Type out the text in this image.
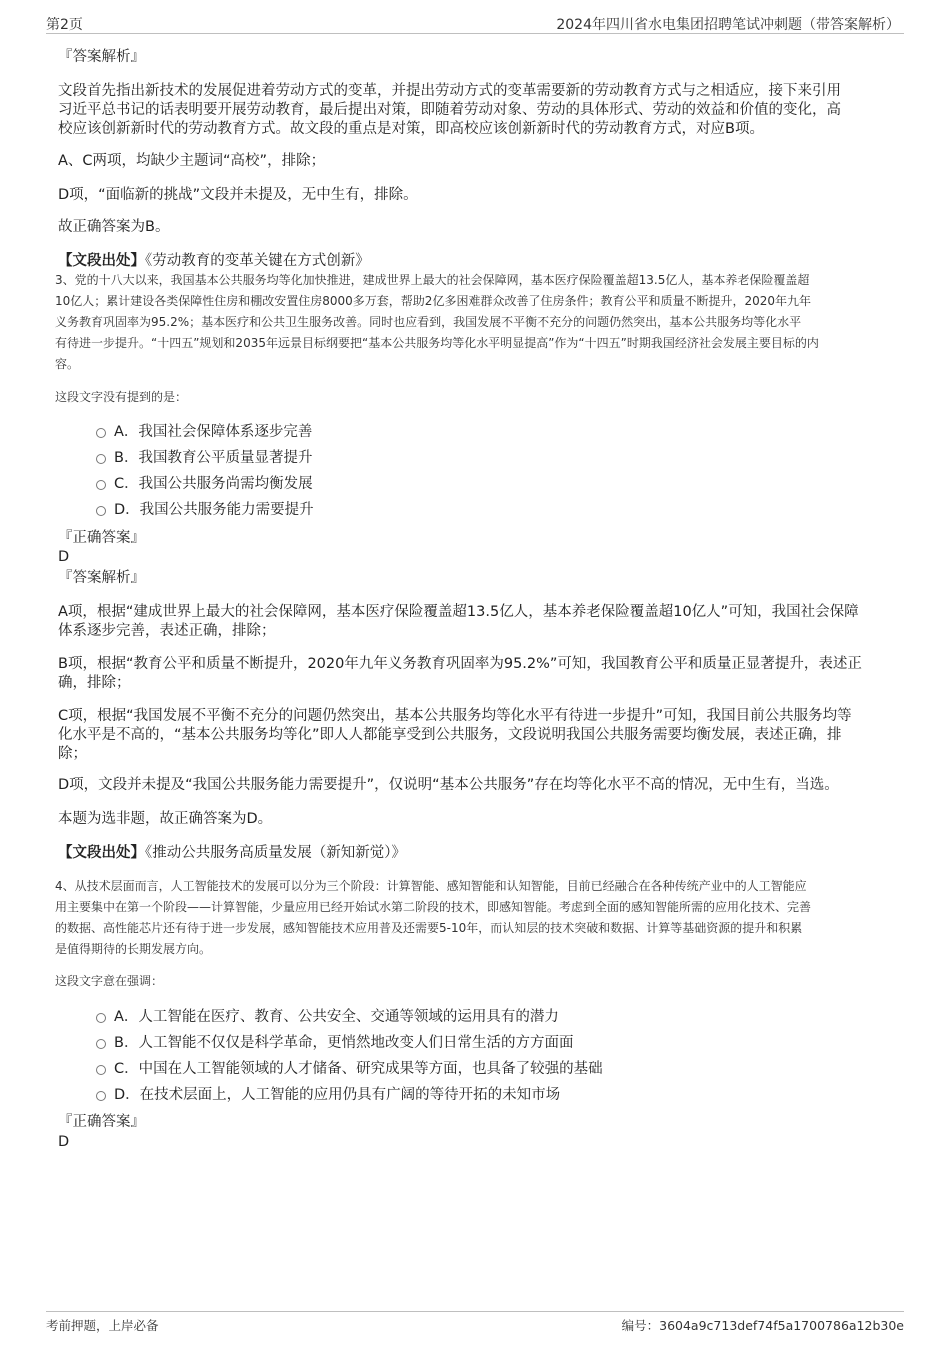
第2页	2024年四川省水电集团招聘笔试冲刺题（带答案解析）
『答案解析』
文段首先指出新技术的发展促进着劳动方式的变革，并提出劳动方式的变革需要新的劳动教育方式与之相适应，接下来引用
习近平总书记的话表明要开展劳动教育，最后提出对策，即随着劳动对象、劳动的具体形式、劳动的效益和价值的变化，高
校应该创新新时代的劳动教育方式。故文段的重点是对策，即高校应该创新新时代的劳动教育方式，对应B项。
A、C两项，均缺少主题词“高校”，排除；
D项，“面临新的挑战”文段并未提及，无中生有，排除。
故正确答案为B。
【文段出处】《劳动教育的变革关键在方式创新》
3、党的十八大以来，我国基本公共服务均等化加快推进，建成世界上最大的社会保障网，基本医疗保险覆盖超13.5亿人，基本养老保险覆盖超
10亿人；累计建设各类保障性住房和棚改安置住房8000多万套，帮助2亿多困难群众改善了住房条件；教育公平和质量不断提升，2020年九年
义务教育巩固率为95.2%；基本医疗和公共卫生服务改善。同时也应看到，我国发展不平衡不充分的问题仍然突出，基本公共服务均等化水平
有待进一步提升。“十四五”规划和2035年远景目标纲要把“基本公共服务均等化水平明显提高”作为“十四五”时期我国经济社会发展主要目标的内
容。
这段文字没有提到的是：
A．我国社会保障体系逐步完善
B．我国教育公平质量显著提升
C．我国公共服务尚需均衡发展
D．我国公共服务能力需要提升
『正确答案』
D
『答案解析』
A项，根据“建成世界上最大的社会保障网，基本医疗保险覆盖超13.5亿人，基本养老保险覆盖超10亿人”可知，我国社会保障
体系逐步完善，表述正确，排除；
B项，根据“教育公平和质量不断提升，2020年九年义务教育巩固率为95.2%”可知，我国教育公平和质量正显著提升，表述正
确，排除；
C项，根据“我国发展不平衡不充分的问题仍然突出，基本公共服务均等化水平有待进一步提升”可知，我国目前公共服务均等
化水平是不高的，“基本公共服务均等化”即人人都能享受到公共服务，文段说明我国公共服务需要均衡发展，表述正确，排
除；
D项，文段并未提及“我国公共服务能力需要提升”，仅说明“基本公共服务”存在均等化水平不高的情况，无中生有，当选。
本题为选非题，故正确答案为D。
【文段出处】《推动公共服务高质量发展（新知新觉）》
4、从技术层面而言，人工智能技术的发展可以分为三个阶段：计算智能、感知智能和认知智能，目前已经融合在各种传统产业中的人工智能应
用主要集中在第一个阶段——计算智能，少量应用已经开始试水第二阶段的技术，即感知智能。考虑到全面的感知智能所需的应用化技术、完善
的数据、高性能芯片还有待于进一步发展，感知智能技术应用普及还需要5-10年，而认知层的技术突破和数据、计算等基础资源的提升和积累
是值得期待的长期发展方向。
这段文字意在强调：
A．人工智能在医疗、教育、公共安全、交通等领域的运用具有的潜力
B．人工智能不仅仅是科学革命，更悄然地改变人们日常生活的方方面面
C．中国在人工智能领域的人才储备、研究成果等方面，也具备了较强的基础
D．在技术层面上，人工智能的应用仍具有广阔的等待开拓的未知市场
『正确答案』
D
考前押题，上岸必备	编号：3604a9c713def74f5a1700786a12b30e
